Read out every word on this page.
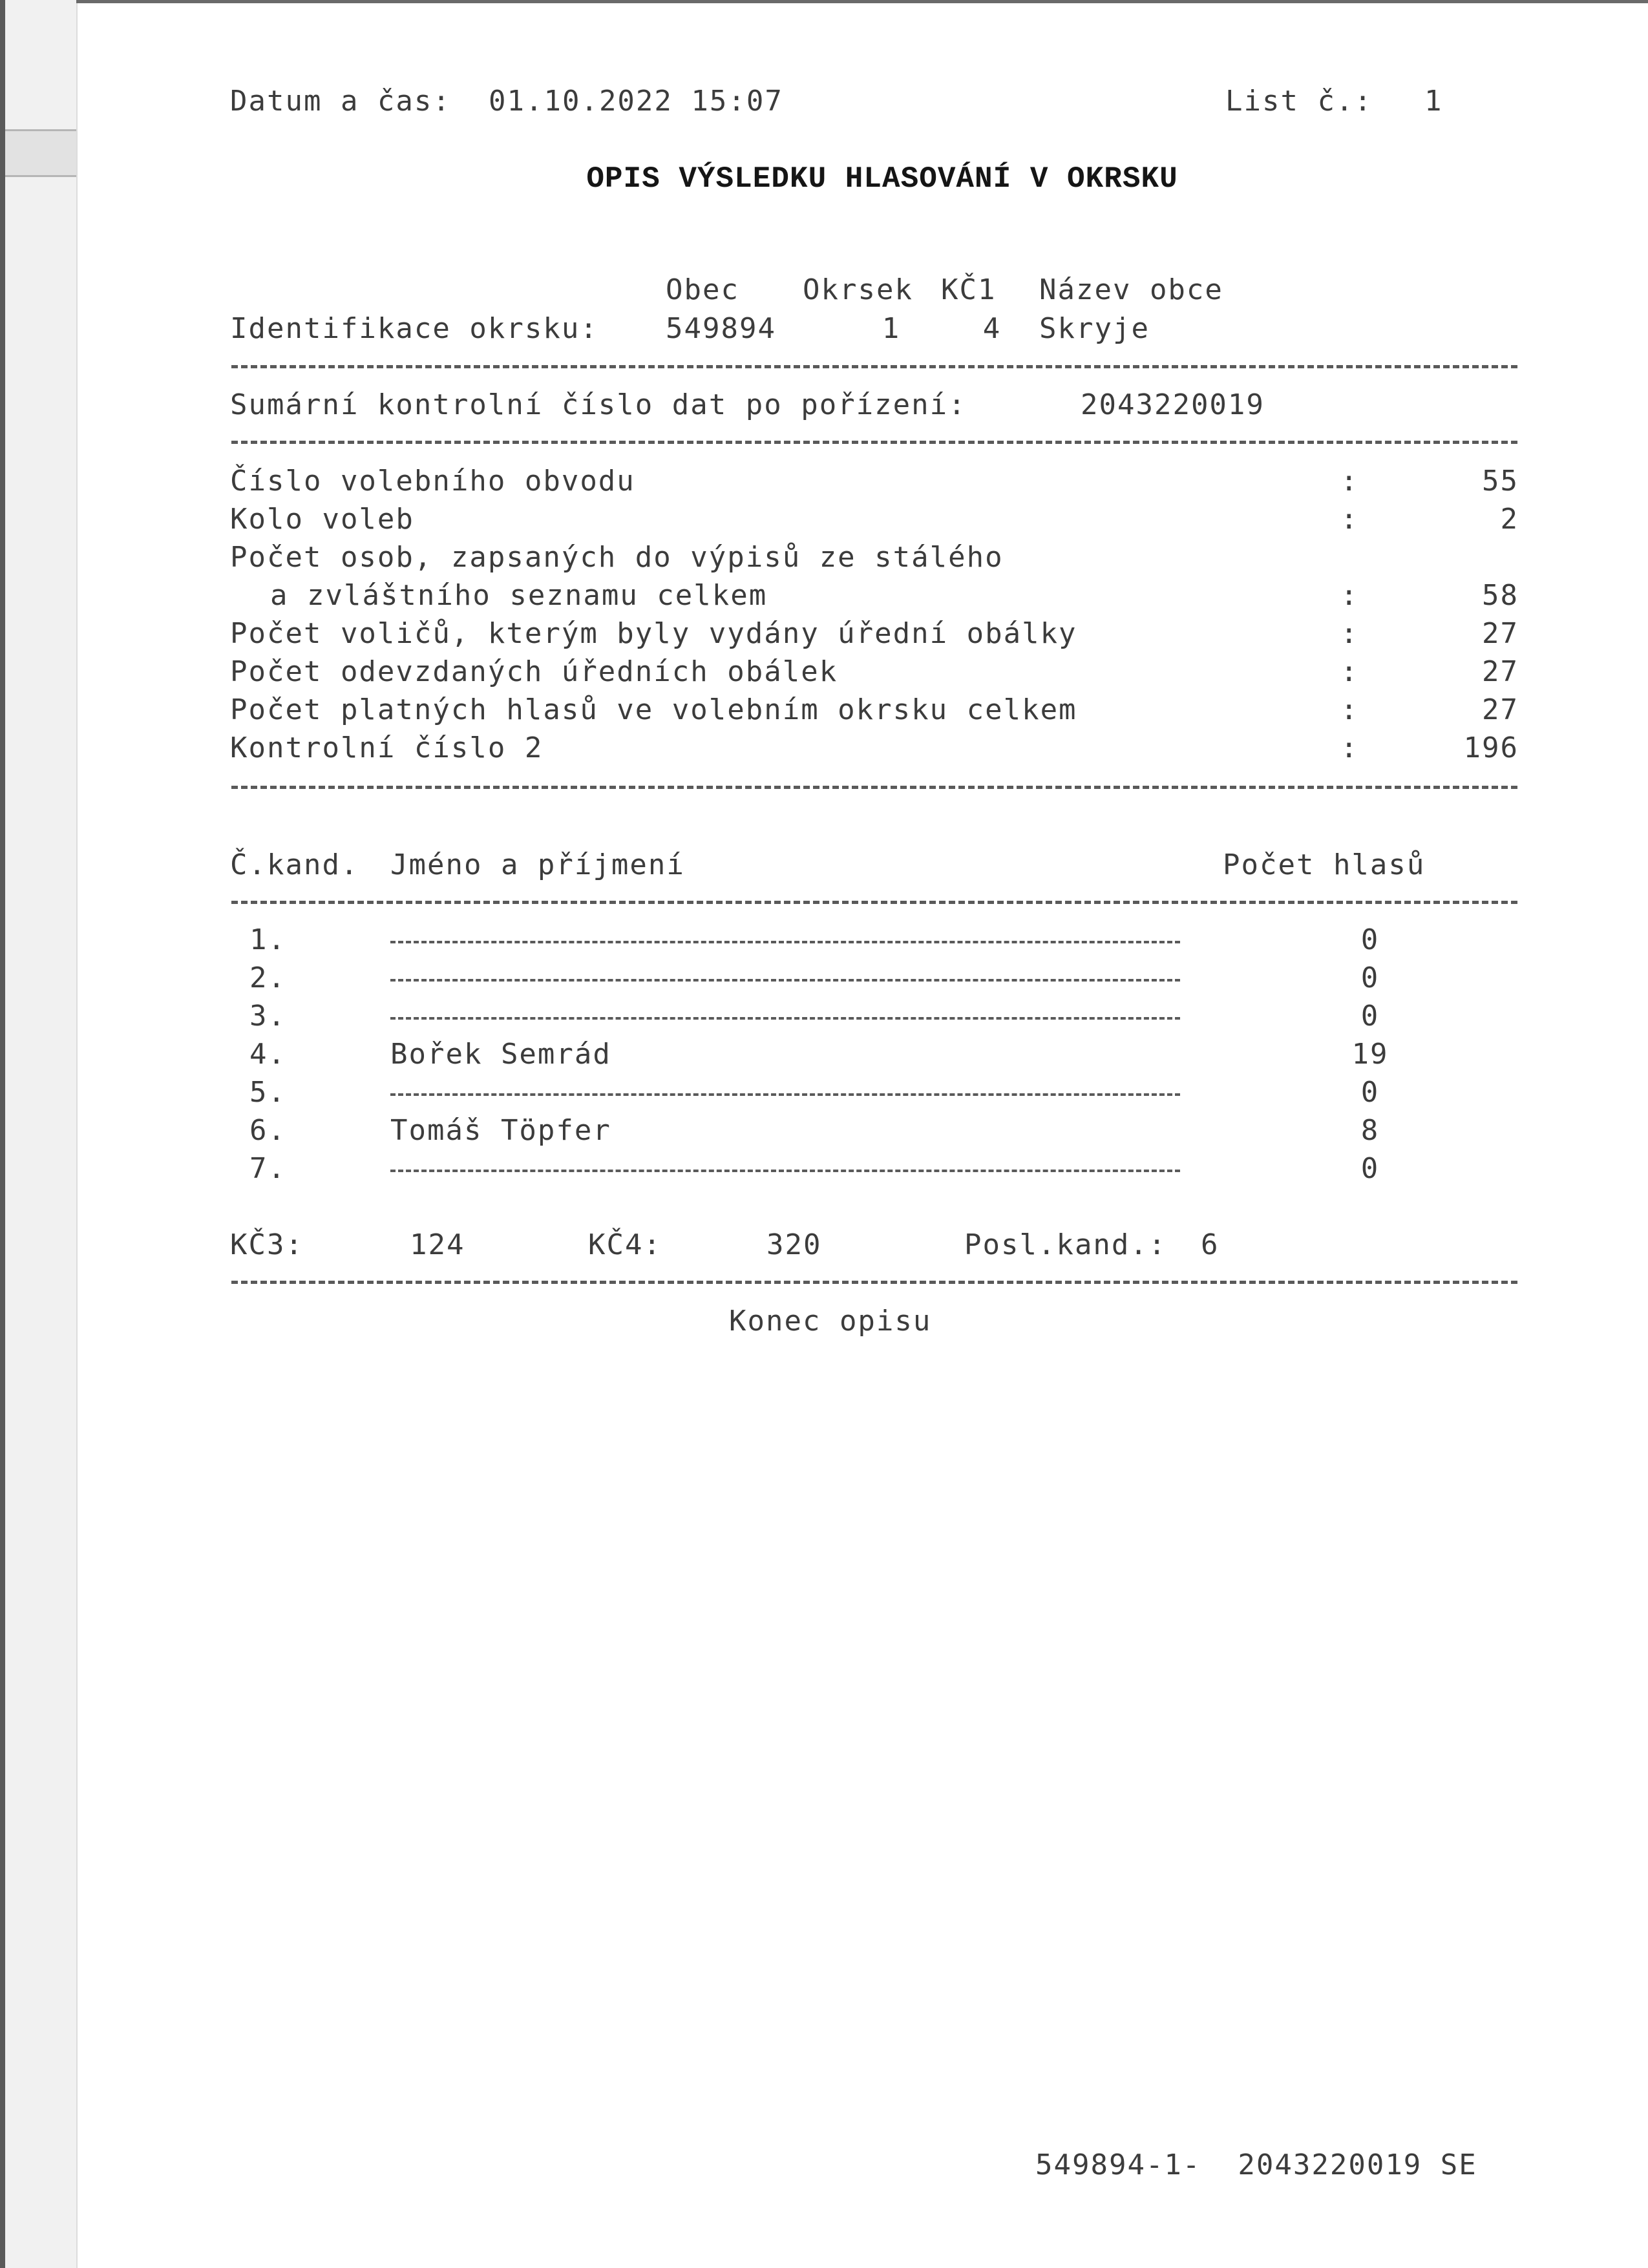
Datum a čas: 01.10.2022 15:07	List č.: 1
OPIS VÝSLEDKU HLASOVÁNÍ V OKRSKU
Obec Okrsek KČ1 Název obce
Identifikace okrsku: 549894	1	4	Skryje
Sumární kontrolní číslo dat po pořízení:	2043220019
Číslo volebního obvodu	:	55
Kolo voleb	:	2
Počet osob, zapsaných do výpisů ze stálého
a zvláštního seznamu celkem	:	58
Počet voličů, kterým byly vydány úřední obálky	:	27
Počet odevzdaných úředních obálek	:	27
Počet platných hlasů ve volebním okrsku celkem	:	27
Kontrolní číslo 2	:	196
Č.kand. Jméno a příjmení	Počet hlasů
1.	0
2.	0
3.	0
4.	Bořek Semrád	19
5.	0
6.	Tomáš Töpfer	8
7.	0
KČ3:	124	KČ4:	320	Posl.kand.: 6
Konec opisu
549894-1-  2043220019 SE
